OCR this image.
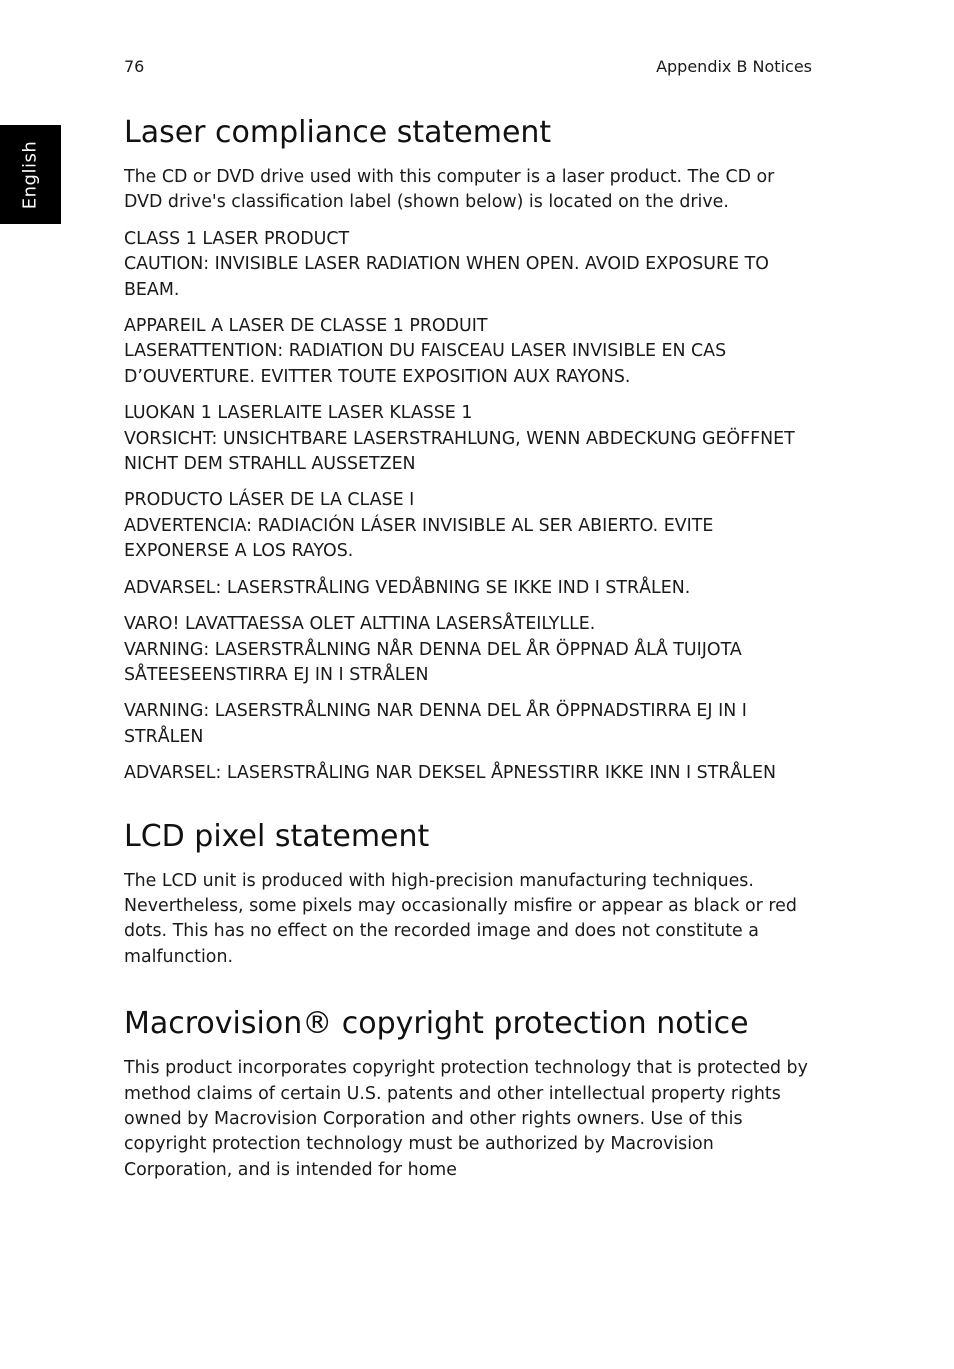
76	Appendix B Notices
English
Laser compliance statement

The CD or DVD drive used with this computer is a laser product. The CD or DVD drive's classification label (shown below) is located on the drive.

CLASS 1 LASER PRODUCT
CAUTION: INVISIBLE LASER RADIATION WHEN OPEN. AVOID EXPOSURE TO BEAM.

APPAREIL A LASER DE CLASSE 1 PRODUIT
LASERATTENTION: RADIATION DU FAISCEAU LASER INVISIBLE EN CAS D’OUVERTURE. EVITTER TOUTE EXPOSITION AUX RAYONS.

LUOKAN 1 LASERLAITE LASER KLASSE 1
VORSICHT: UNSICHTBARE LASERSTRAHLUNG, WENN ABDECKUNG GEÖFFNET NICHT DEM STRAHLL AUSSETZEN

PRODUCTO LÁSER DE LA CLASE I
ADVERTENCIA: RADIACIÓN LÁSER INVISIBLE AL SER ABIERTO. EVITE EXPONERSE A LOS RAYOS.

ADVARSEL: LASERSTRÅLING VEDÅBNING SE IKKE IND I STRÅLEN.

VARO! LAVATTAESSA OLET ALTTINA LASERSÅTEILYLLE.
VARNING: LASERSTRÅLNING NÅR DENNA DEL ÅR ÖPPNAD ÅLÅ TUIJOTA SÅTEESEENSTIRRA EJ IN I STRÅLEN

VARNING: LASERSTRÅLNING NAR DENNA DEL ÅR ÖPPNADSTIRRA EJ IN I STRÅLEN

ADVARSEL: LASERSTRÅLING NAR DEKSEL ÅPNESSTIRR IKKE INN I STRÅLEN

LCD pixel statement

The LCD unit is produced with high-precision manufacturing techniques. Nevertheless, some pixels may occasionally misfire or appear as black or red dots. This has no effect on the recorded image and does not constitute a malfunction.

Macrovision® copyright protection notice

This product incorporates copyright protection technology that is protected by method claims of certain U.S. patents and other intellectual property rights owned by Macrovision Corporation and other rights owners. Use of this copyright protection technology must be authorized by Macrovision Corporation, and is intended for home
